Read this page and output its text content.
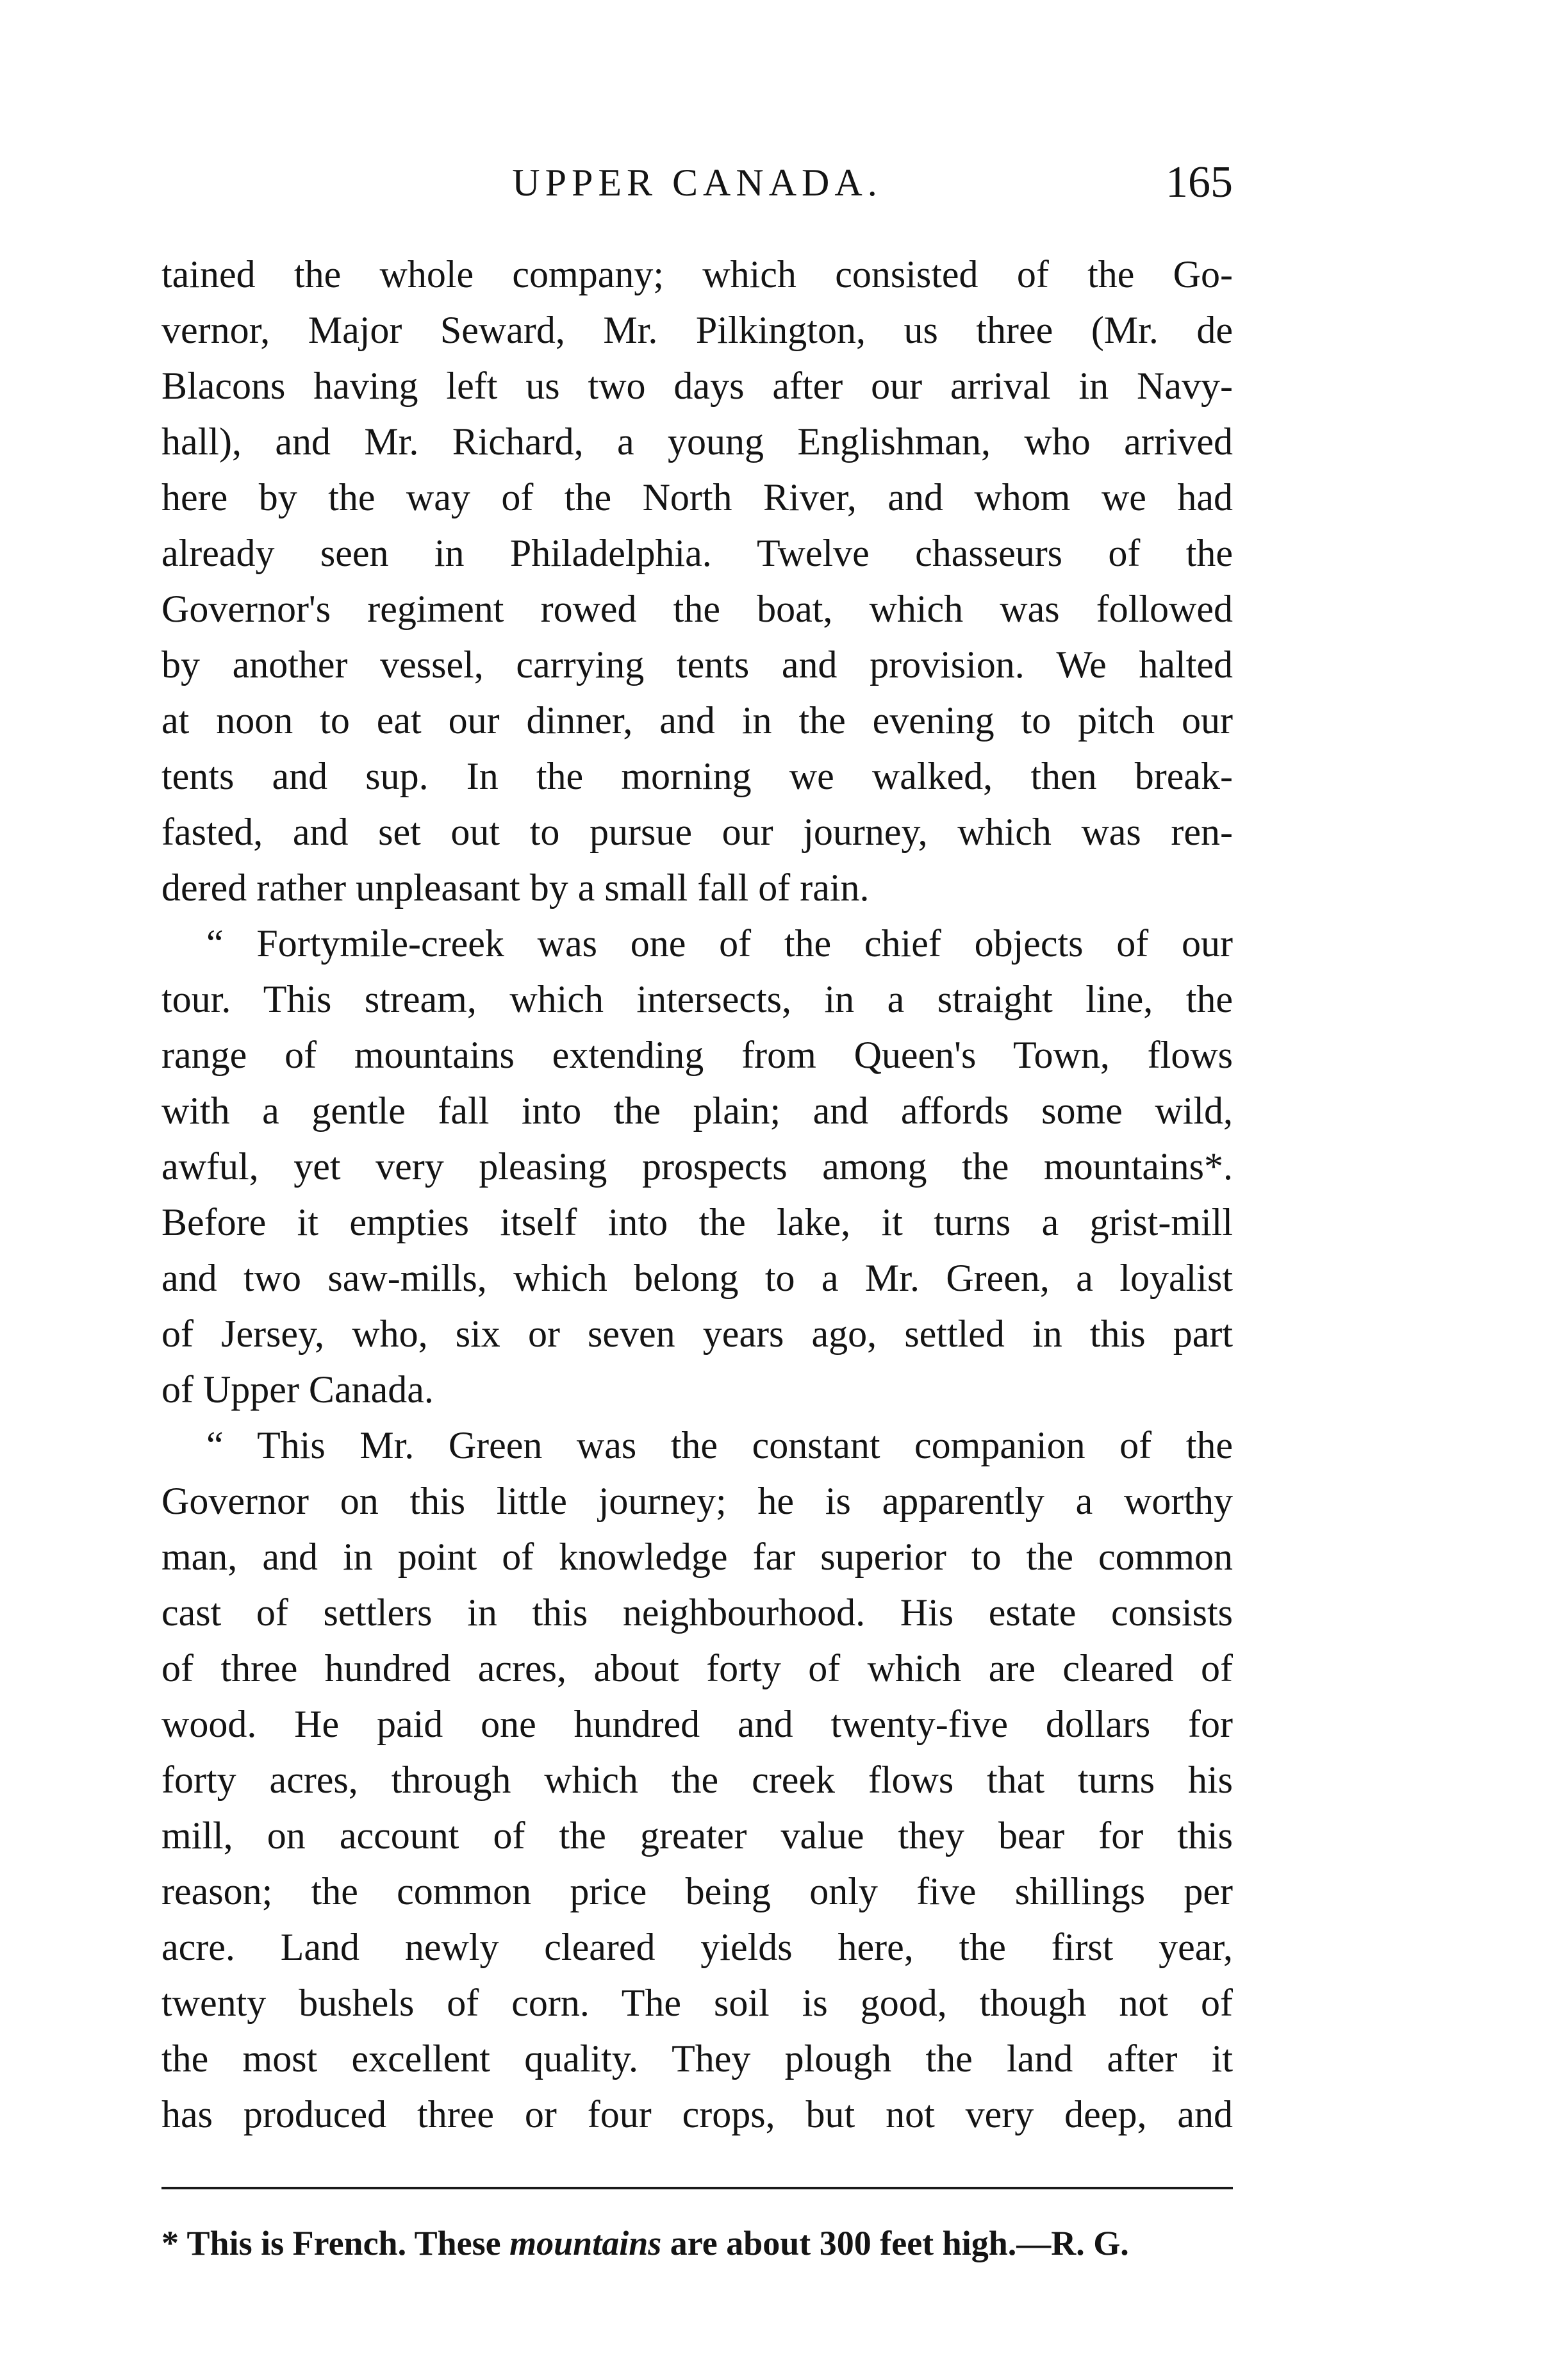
UPPER CANADA.	165
tained the whole company; which consisted of the Go-
vernor, Major Seward, Mr. Pilkington, us three (Mr. de
Blacons having left us two days after our arrival in Navy-
hall), and Mr. Richard, a young Englishman, who arrived
here by the way of the North River, and whom we had
already seen in Philadelphia. Twelve chasseurs of the
Governor's regiment rowed the boat, which was followed
by another vessel, carrying tents and provision. We halted
at noon to eat our dinner, and in the evening to pitch our
tents and sup. In the morning we walked, then break-
fasted, and set out to pursue our journey, which was ren-
dered rather unpleasant by a small fall of rain.
“ Fortymile-creek was one of the chief objects of our
tour. This stream, which intersects, in a straight line, the
range of mountains extending from Queen's Town, flows
with a gentle fall into the plain; and affords some wild,
awful, yet very pleasing prospects among the mountains*.
Before it empties itself into the lake, it turns a grist-mill
and two saw-mills, which belong to a Mr. Green, a loyalist
of Jersey, who, six or seven years ago, settled in this part
of Upper Canada.
“ This Mr. Green was the constant companion of the
Governor on this little journey; he is apparently a worthy
man, and in point of knowledge far superior to the common
cast of settlers in this neighbourhood. His estate consists
of three hundred acres, about forty of which are cleared of
wood. He paid one hundred and twenty-five dollars for
forty acres, through which the creek flows that turns his
mill, on account of the greater value they bear for this
reason; the common price being only five shillings per
acre. Land newly cleared yields here, the first year,
twenty bushels of corn. The soil is good, though not of
the most excellent quality. They plough the land after it
has produced three or four crops, but not very deep, and
* This is French. These mountains are about 300 feet high.—R. G.
